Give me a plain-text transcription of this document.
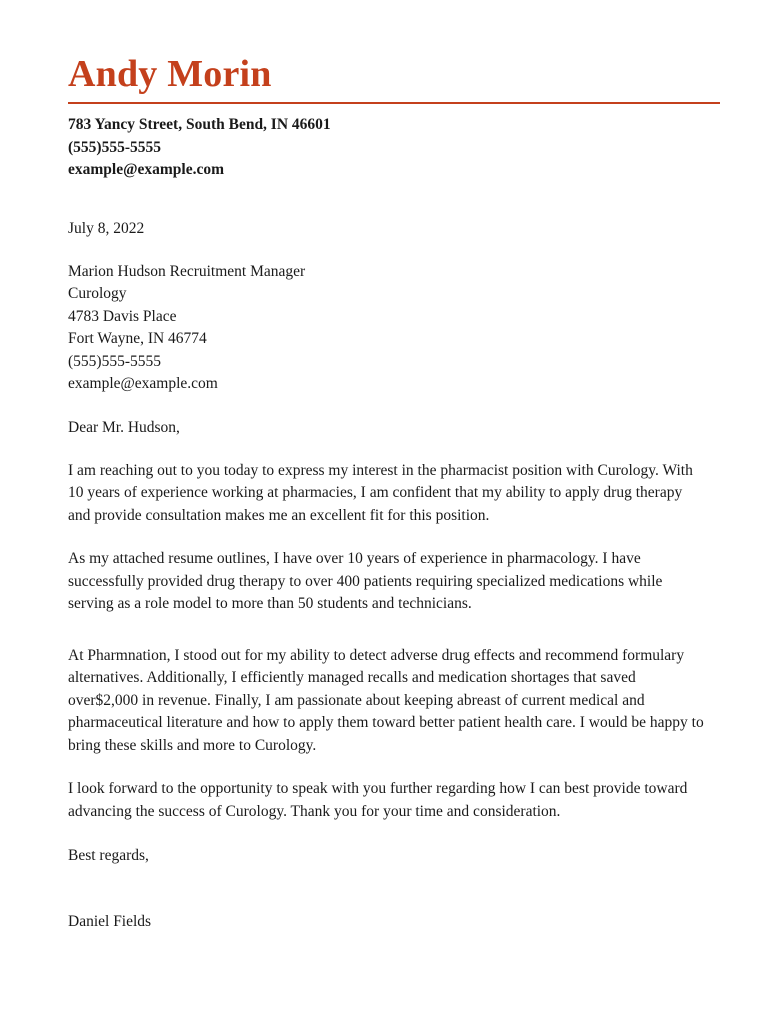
Andy Morin
783 Yancy Street, South Bend, IN 46601
(555)555-5555
example@example.com

July 8, 2022

Marion Hudson Recruitment Manager
Curology
4783 Davis Place
Fort Wayne, IN 46774
(555)555-5555
example@example.com

Dear Mr. Hudson,

I am reaching out to you today to express my interest in the pharmacist position with Curology. With 10 years of experience working at pharmacies, I am confident that my ability to apply drug therapy and provide consultation makes me an excellent fit for this position.

As my attached resume outlines, I have over 10 years of experience in pharmacology. I have successfully provided drug therapy to over 400 patients requiring specialized medications while serving as a role model to more than 50 students and technicians.

At Pharmnation, I stood out for my ability to detect adverse drug effects and recommend formulary alternatives. Additionally, I efficiently managed recalls and medication shortages that saved over$2,000 in revenue. Finally, I am passionate about keeping abreast of current medical and pharmaceutical literature and how to apply them toward better patient health care. I would be happy to bring these skills and more to Curology.

I look forward to the opportunity to speak with you further regarding how I can best provide toward advancing the success of Curology. Thank you for your time and consideration.

Best regards,

Daniel Fields
